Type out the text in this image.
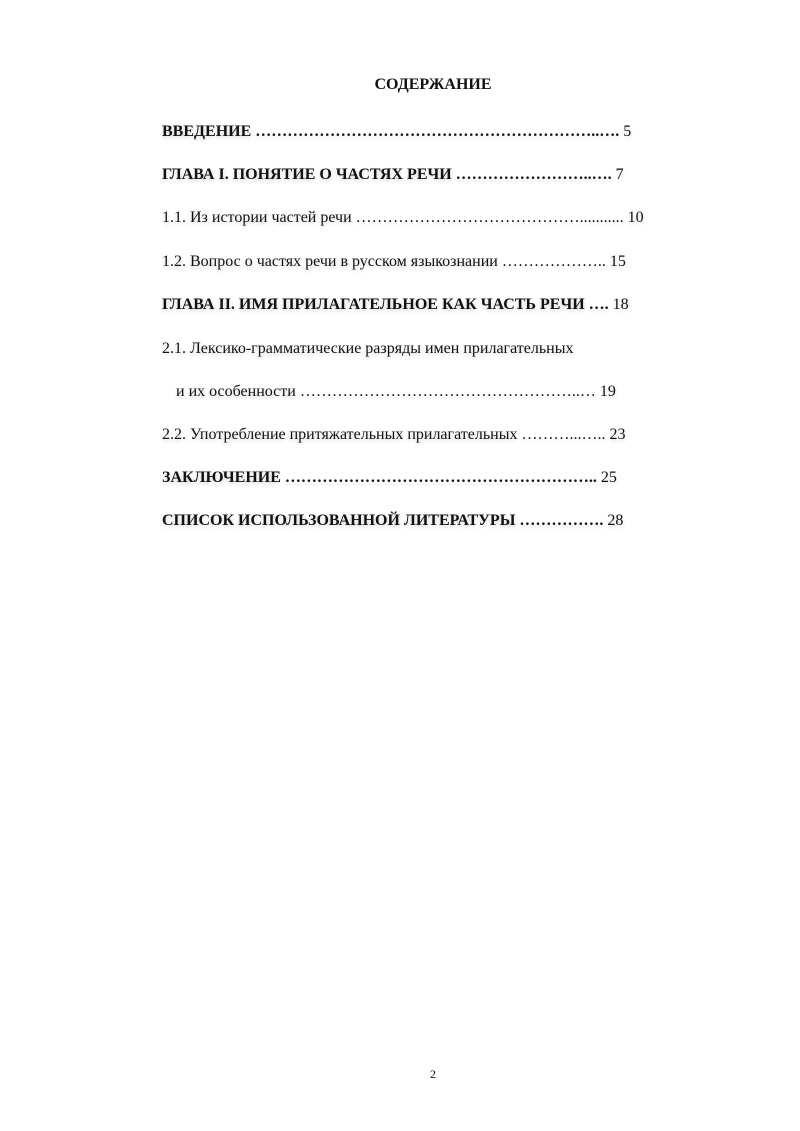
СОДЕРЖАНИЕ
ВВЕДЕНИЕ ………………………………………………………..…. 5
ГЛАВА I. ПОНЯТИЕ О ЧАСТЯХ РЕЧИ ……………………..…. 7
1.1. Из истории частей речи ……………………………………........... 10
1.2. Вопрос о частях речи в русском языкознании ……………….. 15
ГЛАВА II. ИМЯ ПРИЛАГАТЕЛЬНОЕ КАК ЧАСТЬ РЕЧИ …. 18
2.1. Лексико-грамматические разряды имен прилагательных
и их особенности ……………………………………………..… 19
2.2. Употребление притяжательных прилагательных ………...….. 23
ЗАКЛЮЧЕНИЕ ………………………………………………….. 25
СПИСОК ИСПОЛЬЗОВАННОЙ ЛИТЕРАТУРЫ ……………. 28
2
